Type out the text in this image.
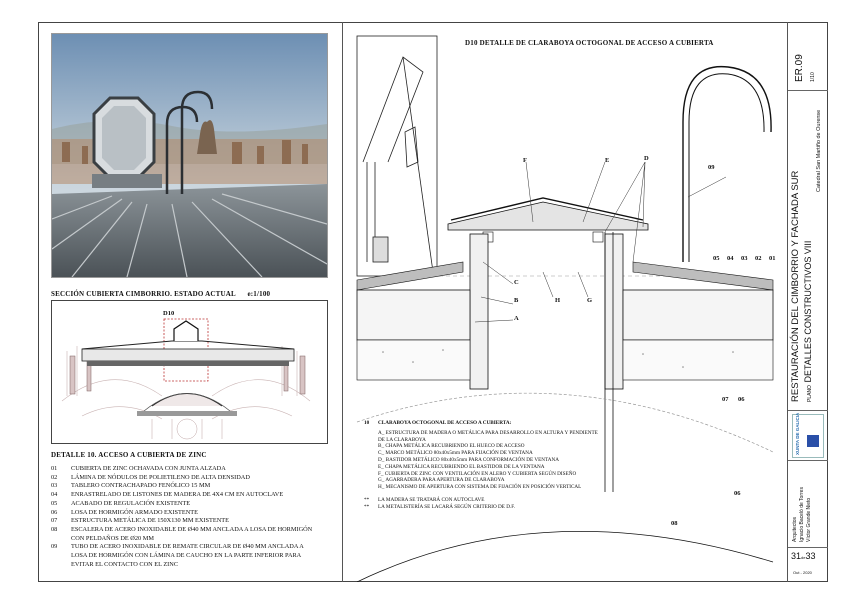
SECCIÓN CUBIERTA CIMBORRIO. ESTADO ACTUAL e:1/100
D10
DETALLE 10. ACCESO A CUBIERTA DE ZINC
01	CUBIERTA DE ZINC OCHAVADA CON JUNTA ALZADA
02	LÁMINA DE NÓDULOS DE POLIETILENO DE ALTA DENSIDAD
03	TABLERO CONTRACHAPADO FENÓLICO 15 MM
04	ENRASTRELADO DE LISTONES DE MADERA DE 4X4 CM EN AUTOCLAVE
05	ACABADO DE REGULACIÓN EXISTENTE
06	LOSA DE HORMIGÓN ARMADO EXISTENTE
07	ESTRUCTURA METÁLICA DE 150X130 MM EXISTENTE
08	ESCALERA DE ACERO INOXIDABLE DE Ø40 MM ANCLADA A LOSA DE HORMIGÓN CON PELDAÑOS DE Ø20 MM
09	TUBO DE ACERO INOXIDABLE DE REMATE CIRCULAR DE Ø40 MM ANCLADA A LOSA DE HORMIGÓN CON LÁMINA DE CAUCHO EN LA PARTE INFERIOR PARA EVITAR EL CONTACTO CON EL ZINC
D10 DETALLE DE CLARABOYA OCTOGONAL DE ACCESO A CUBIERTA
F	E	D
09
C
B
A
H	G
05 04 03 02 01
07 06
06
08
10	CLARABOYA OCTOGONAL DE ACCESO A CUBIERTA:
A_ ESTRUCTURA DE MADERA O METÁLICA PARA DESARROLLO EN ALTURA Y PENDIENTE DE LA CLARABOYA
B_ CHAPA METÁLICA RECUBRIENDO EL HUECO DE ACCESO
C_ MARCO METÁLICO 80x40x5mm PARA FIJACIÓN DE VENTANA
D_ BASTIDOR METÁLICO 80x40x5mm PARA CONFORMACIÓN DE VENTANA
E_ CHAPA METÁLICA RECUBRIENDO EL BASTIDOR DE LA VENTANA
F_ CUBIERTA DE ZINC CON VENTILACIÓN EN ALERO Y CUBIERTA SEGÚN DISEÑO
G_ AGARRADERA PARA APERTURA DE CLARABOYA
H_ MECANISMO DE APERTURA CON SISTEMA DE FIJACIÓN EN POSICIÓN VERTICAL
**	LA MADERA SE TRATARÁ CON AUTOCLAVE
**	LA METALISTERÍA SE LACARÁ SEGÚN CRITERIO DE D.F.
ER.09 1/10
RESTAURACIÓN DEL CIMBORRIO Y FACHADA SUR	PLANO DETALLES CONSTRUCTIVOS VIII
Catedral San Martiño de Ourense
XUNTA DE GALICIA
Arquitectos Ignacio Baceló de Torres Víctor Grande Nieto
31de33
Out - 2020
